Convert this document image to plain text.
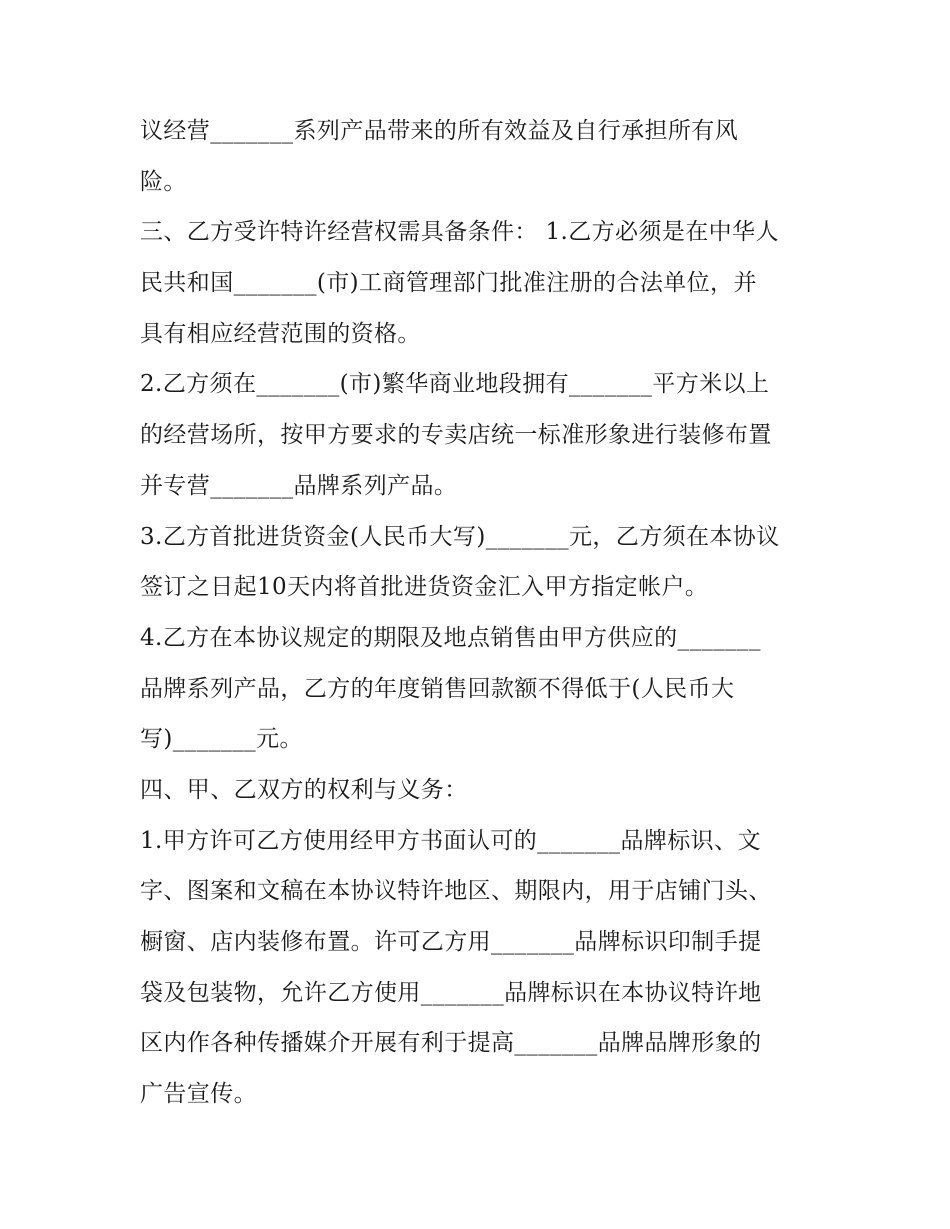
议经营_______系列产品带来的所有效益及自行承担所有风
险。
三、乙方受许特许经营权需具备条件： 1.乙方必须是在中华人
民共和国_______(市)工商管理部门批准注册的合法单位，并
具有相应经营范围的资格。
2.乙方须在_______(市)繁华商业地段拥有_______平方米以上
的经营场所，按甲方要求的专卖店统一标准形象进行装修布置
并专营_______品牌系列产品。
3.乙方首批进货资金(人民币大写)_______元，乙方须在本协议
签订之日起10天内将首批进货资金汇入甲方指定帐户。
4.乙方在本协议规定的期限及地点销售由甲方供应的_______
品牌系列产品，乙方的年度销售回款额不得低于(人民币大
写)_______元。
四、甲、乙双方的权利与义务：
1.甲方许可乙方使用经甲方书面认可的_______品牌标识、文
字、图案和文稿在本协议特许地区、期限内，用于店铺门头、
橱窗、店内装修布置。许可乙方用_______品牌标识印制手提
袋及包装物，允许乙方使用_______品牌标识在本协议特许地
区内作各种传播媒介开展有利于提高_______品牌品牌形象的
广告宣传。
